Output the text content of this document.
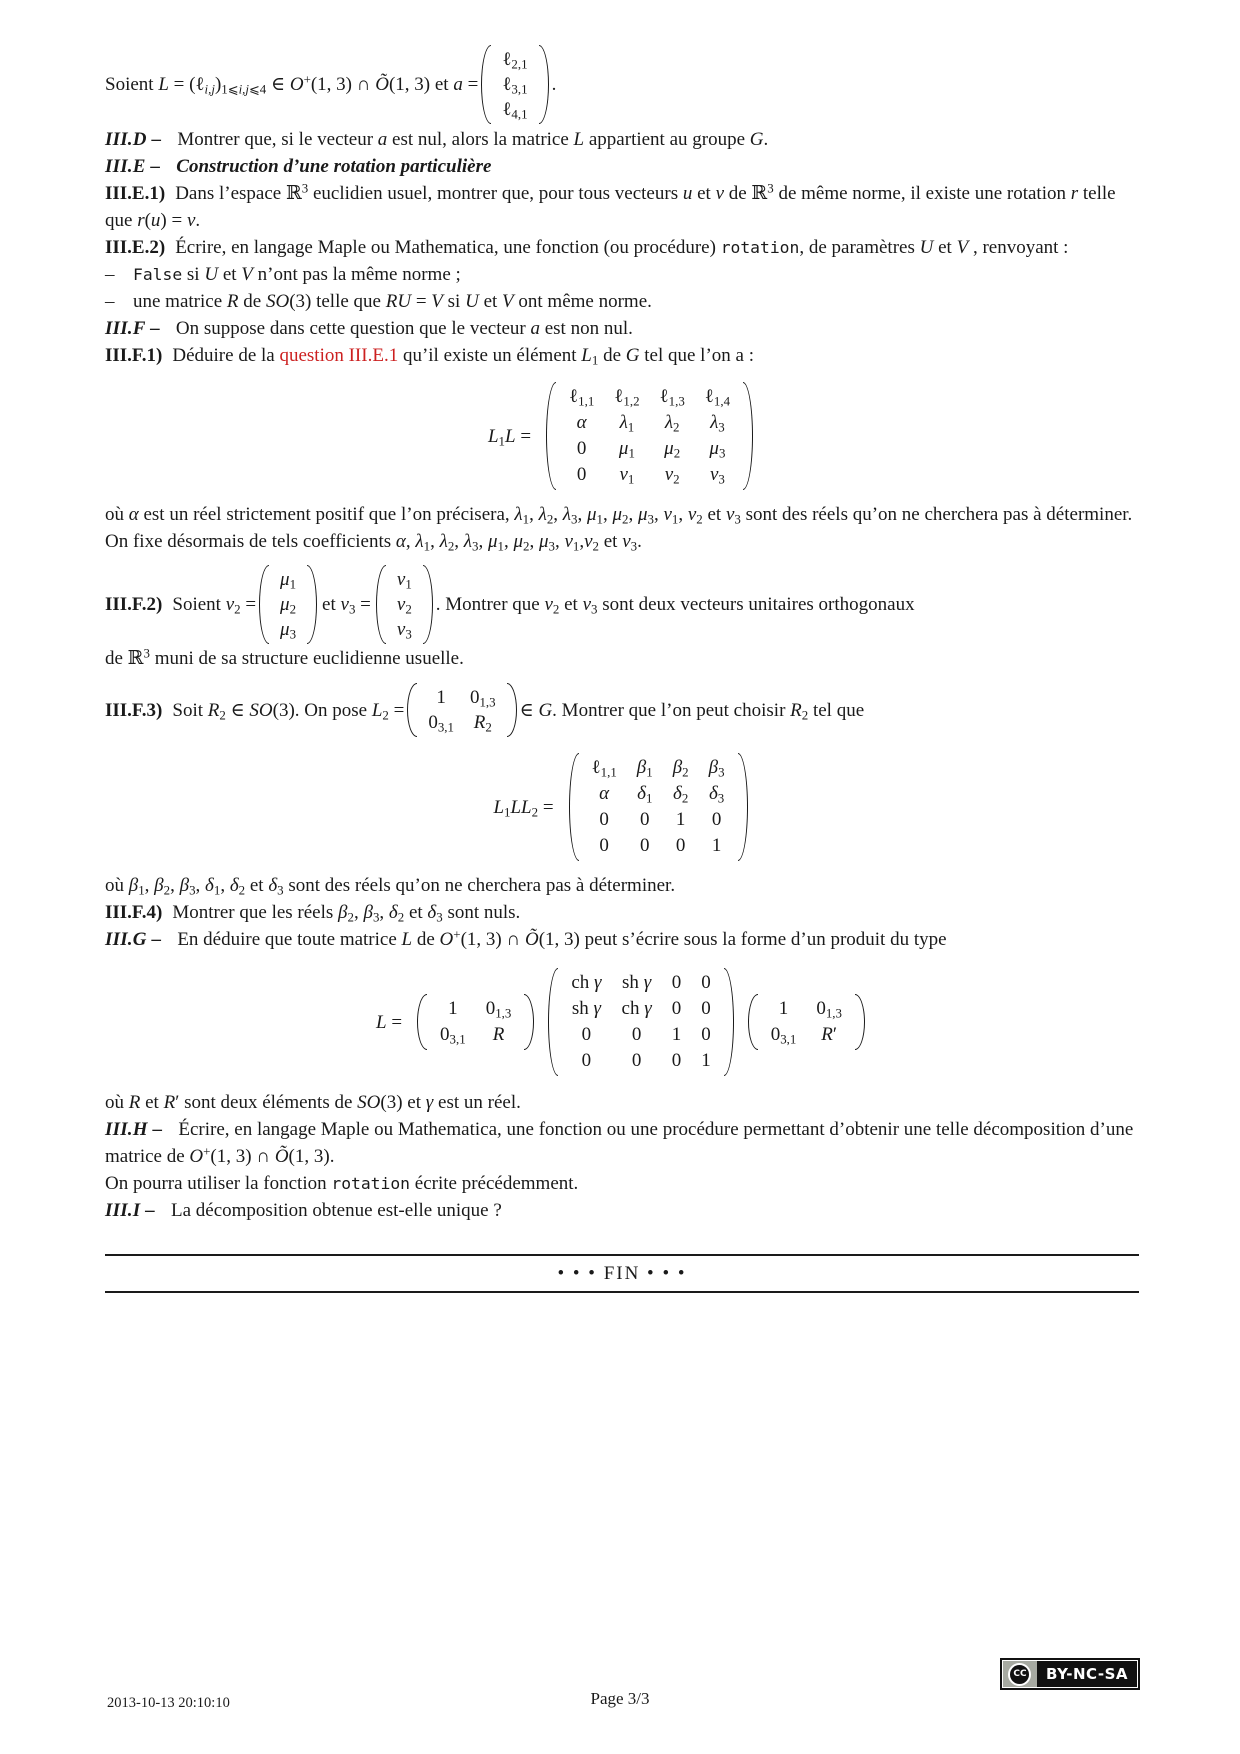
Soient $L = (\ell_{i,j})_{1⩽i,j⩽4}$ ∈ O+(1, 3) ∩ Õ(1, 3) et a =
ℓ$_{2,1}$
ℓ$_{3,1}$
ℓ$_{4,1}$
.

III.D – Montrer que, si le vecteur a est nul, alors la matrice L appartient au groupe G.

III.E – Construction d’une rotation particulière

III.E.1) Dans l’espace ℝ$^3$ euclidien usuel, montrer que, pour tous vecteurs u et v de ℝ$^3$ de même norme, il existe une rotation r telle que r(u) = v.

III.E.2) Écrire, en langage Maple ou Mathematica, une fonction (ou procédure) rotation, de paramètres U et V , renvoyant :

– False si U et V n’ont pas la même norme ;

– une matrice R de SO(3) telle que RU = V si U et V ont même norme.

III.F – On suppose dans cette question que le vecteur a est non nul.

III.F.1) Déduire de la question III.E.1 qu’il existe un élément $L_1$ de G tel que l’on a :

$L_1L$ =
ℓ$_{1,1}$	ℓ$_{1,2}$	ℓ$_{1,3}$	ℓ$_{1,4}$
α	$\lambda_1$	$\lambda_2$	$\lambda_3$
0	$\mu_1$	$\mu_2$	$\mu_3$
0	$\nu_1$	$\nu_2$	$\nu_3$

où α est un réel strictement positif que l’on précisera, $\lambda_1$, $\lambda_2$, $\lambda_3$, $\mu_1$, $\mu_2$, $\mu_3$, $\nu_1$, $\nu_2$ et $\nu_3$ sont des réels qu’on ne cherchera pas à déterminer.

On fixe désormais de tels coefficients α, $\lambda_1$, $\lambda_2$, $\lambda_3$, $\mu_1$, $\mu_2$, $\mu_3$, $\nu_1,\nu_2$ et $\nu_3$.

III.F.2) Soient $v_2$ =
$\mu_1$
$\mu_2$
$\mu_3$
et $v_3$ =
$\nu_1$
$\nu_2$
$\nu_3$
. Montrer que $v_2$ et $v_3$ sont deux vecteurs unitaires orthogonaux

de ℝ$^3$ muni de sa structure euclidienne usuelle.

III.F.3) Soit $R_2$ ∈ SO(3). On pose $L_2$ =
1	$0_{1,3}$
$0_{3,1}$	$R_2$
∈ G. Montrer que l’on peut choisir $R_2$ tel que
$L_1LL_2$ =
ℓ$_{1,1}$	$\beta_1$	$\beta_2$	$\beta_3$
α	$\delta_1$	$\delta_2$	$\delta_3$
0	0	1	0
0	0	0	1

où $\beta_1$, $\beta_2$, $\beta_3$, $\delta_1$, $\delta_2$ et $\delta_3$ sont des réels qu’on ne cherchera pas à déterminer.

III.F.4) Montrer que les réels $\beta_2$, $\beta_3$, $\delta_2$ et $\delta_3$ sont nuls.

III.G – En déduire que toute matrice L de O+(1, 3) ∩ Õ(1, 3) peut s’écrire sous la forme d’un produit du type

L =
1	$0_{1,3}$
$0_{3,1}$	R
ch γ	sh γ	0	0
sh γ	ch γ	0	0
0	0	1	0
0	0	0	1
1	$0_{1,3}$
$0_{3,1}$	R′

où R et R′ sont deux éléments de SO(3) et γ est un réel.

III.H – Écrire, en langage Maple ou Mathematica, une fonction ou une procédure permettant d’obtenir une telle décomposition d’une matrice de O+(1, 3) ∩ Õ(1, 3).

On pourra utiliser la fonction rotation écrite précédemment.

III.I – La décomposition obtenue est-elle unique ?

• • • FIN • • •

2013-10-13 20:10:10	Page 3/3
CC	BY-NC-SA
